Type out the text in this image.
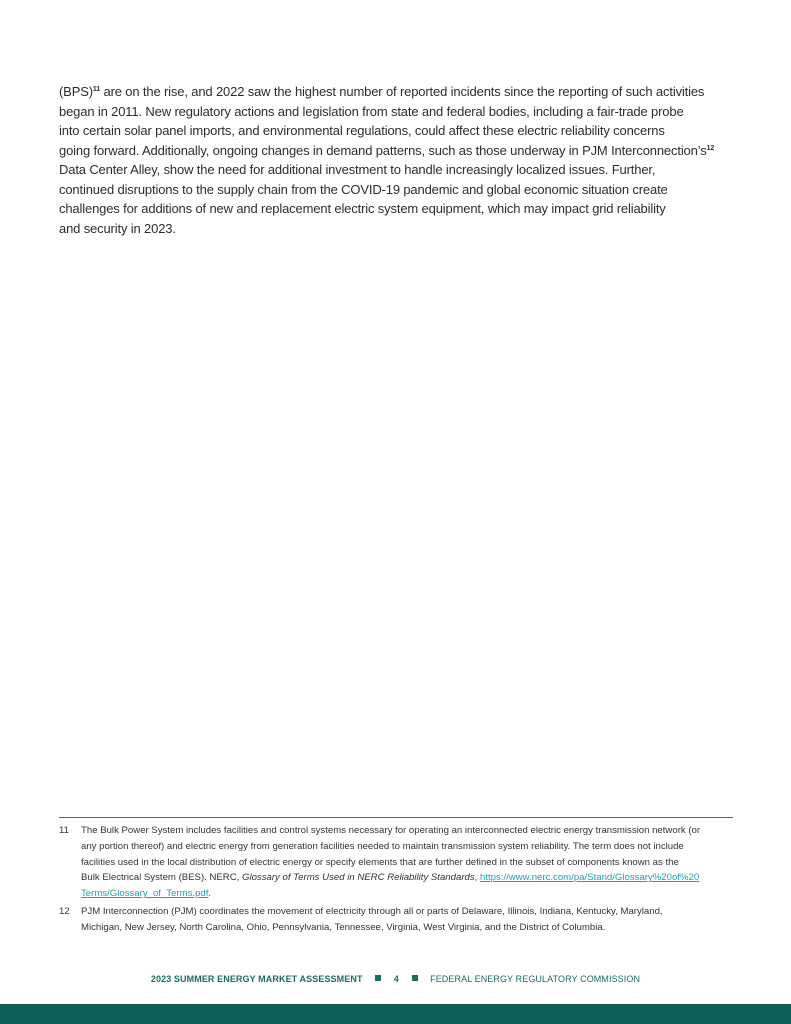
(BPS)$^{11}$ are on the rise, and 2022 saw the highest number of reported incidents since the reporting of such activities
began in 2011. New regulatory actions and legislation from state and federal bodies, including a fair-trade probe
into certain solar panel imports, and environmental regulations, could affect these electric reliability concerns
going forward. Additionally, ongoing changes in demand patterns, such as those underway in PJM $Interconnection’s^{12}$
Data Center Alley, show the need for additional investment to handle increasingly localized issues. Further,
continued disruptions to the supply chain from the COVID-19 pandemic and global economic situation create
challenges for additions of new and replacement electric system equipment, which may impact grid reliability
and security in 2023.
11	The Bulk Power System includes facilities and control systems necessary for operating an interconnected electric energy transmission network (or
any portion thereof) and electric energy from generation facilities needed to maintain transmission system reliability. The term does not include
facilities used in the local distribution of electric energy or specify elements that are further defined in the subset of components known as the
Bulk Electrical System (BES). NERC, Glossary of Terms Used in NERC Reliability Standards, https://www.nerc.com/pa/Stand/Glossary%20of%20
Terms/Glossary_of_Terms.pdf.
12	PJM Interconnection (PJM) coordinates the movement of electricity through all or parts of Delaware, Illinois, Indiana, Kentucky, Maryland,
Michigan, New Jersey, North Carolina, Ohio, Pennsylvania, Tennessee, Virginia, West Virginia, and the District of Columbia.
2023 SUMMER ENERGY MARKET ASSESSMENT	4	FEDERAL ENERGY REGULATORY COMMISSION
